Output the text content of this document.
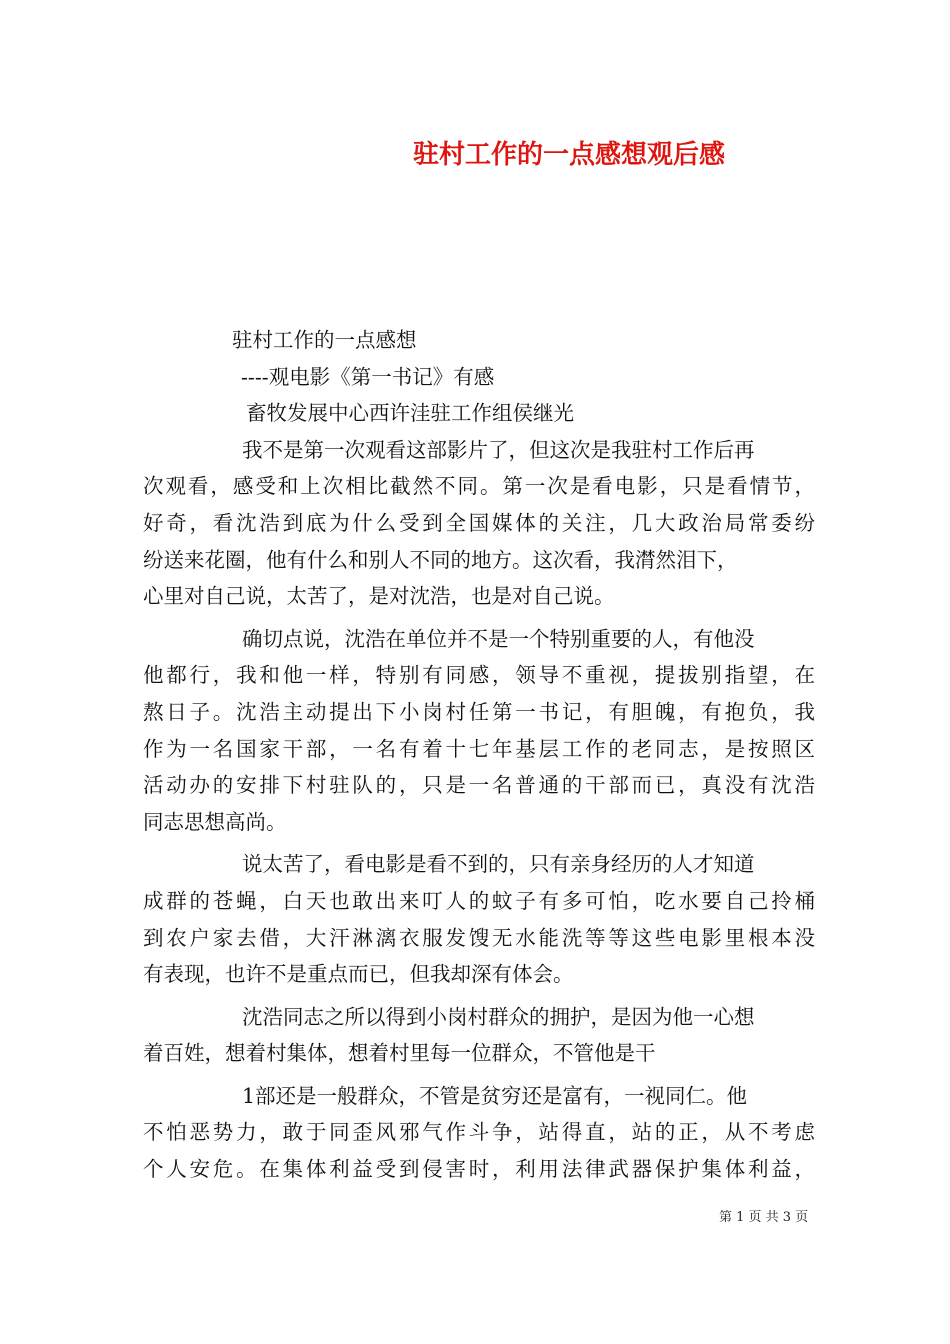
驻村工作的一点感想观后感
驻村工作的一点感想
----观电影《第一书记》有感
畜牧发展中心西许洼驻工作组侯继光
我不是第一次观看这部影片了，但这次是我驻村工作后再
次观看，感受和上次相比截然不同。第一次是看电影，只是看情节，
好奇，看沈浩到底为什么受到全国媒体的关注，几大政治局常委纷
纷送来花圈，他有什么和别人不同的地方。这次看，我潸然泪下，
心里对自己说，太苦了，是对沈浩，也是对自己说。
确切点说，沈浩在单位并不是一个特别重要的人，有他没
他都行，我和他一样，特别有同感，领导不重视，提拔别指望，在
熬日子。沈浩主动提出下小岗村任第一书记，有胆魄，有抱负，我
作为一名国家干部，一名有着十七年基层工作的老同志，是按照区
活动办的安排下村驻队的，只是一名普通的干部而已，真没有沈浩
同志思想高尚。
说太苦了，看电影是看不到的，只有亲身经历的人才知道
成群的苍蝇，白天也敢出来叮人的蚊子有多可怕，吃水要自己拎桶
到农户家去借，大汗淋漓衣服发馊无水能洗等等这些电影里根本没
有表现，也许不是重点而已，但我却深有体会。
沈浩同志之所以得到小岗村群众的拥护，是因为他一心想
着百姓，想着村集体，想着村里每一位群众，不管他是干
1部还是一般群众，不管是贫穷还是富有，一视同仁。他
不怕恶势力，敢于同歪风邪气作斗争，站得直，站的正，从不考虑
个人安危。在集体利益受到侵害时，利用法律武器保护集体利益，
第 1 页 共 3 页
